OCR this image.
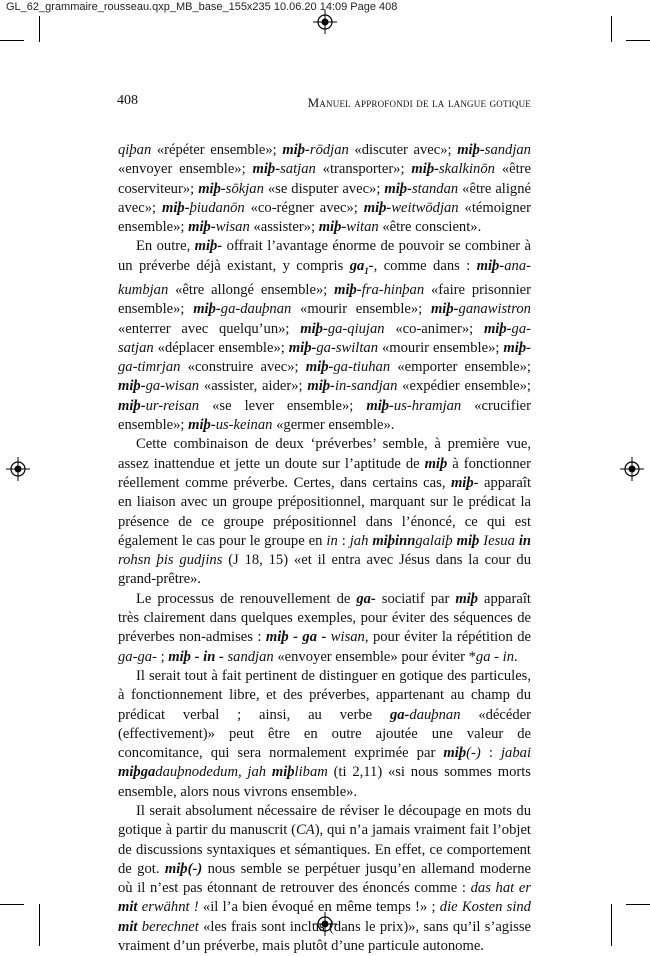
GL_62_grammaire_rousseau.qxp_MB_base_155x235 10.06.20 14:09 Page 408
408	Manuel approfondi de la langue gotique

qiþan «répéter ensemble»; miþ-rōdjan «discuter avec»; miþ-sandjan «envoyer ensemble»; miþ-satjan «transporter»; miþ-skalkinōn «être coserviteur»; miþ-sōkjan «se disputer avec»; miþ-standan «être aligné avec»; miþ-þiudanōn «co-régner avec»; miþ-weitwōdjan «témoigner ensemble»; miþ-wisan «assister»; miþ-witan «être conscient».

En outre, miþ- offrait l’avantage énorme de pouvoir se combiner à un préverbe déjà existant, y compris $ga_1-$, comme dans : miþ-ana-kumbjan «être allongé ensemble»; miþ-fra-hinþan «faire prisonnier ensemble»; miþ-ga-dauþnan «mourir ensemble»; miþ-ganawistron «enterrer avec quelqu’un»; miþ-ga-qiujan «co-animer»; miþ-ga-satjan «déplacer ensemble»; miþ-ga-swiltan «mourir ensemble»; miþ-ga-timrjan «construire avec»; miþ-ga-tiuhan «emporter ensemble»; miþ-ga-wisan «assister, aider»; miþ-in-sandjan «expédier ensemble»; miþ-ur-reisan «se lever ensemble»; miþ-us-hramjan «crucifier ensemble»; miþ-us-keinan «germer ensemble».

Cette combinaison de deux ‘préverbes’ semble, à première vue, assez inattendue et jette un doute sur l’aptitude de miþ à fonctionner réellement comme préverbe. Certes, dans certains cas, miþ- apparaît en liaison avec un groupe prépositionnel, marquant sur le prédicat la présence de ce groupe prépositionnel dans l’énoncé, ce qui est également le cas pour le groupe en in : jah miþinngalaiþ miþ Iesua in rohsn þis gudjins (J 18, 15) «et il entra avec Jésus dans la cour du grand-prêtre».

Le processus de renouvellement de ga- sociatif par miþ apparaît très clairement dans quelques exemples, pour éviter des séquences de préverbes non-admises : miþ - ga - wisan, pour éviter la répétition de ga-ga- ; miþ - in - sandjan «envoyer ensemble» pour éviter *ga - in.

Il serait tout à fait pertinent de distinguer en gotique des particules, à fonctionnement libre, et des préverbes, appartenant au champ du prédicat verbal ; ainsi, au verbe ga-dauþnan «décéder (effectivement)» peut être en outre ajoutée une valeur de concomitance, qui sera normalement exprimée par miþ(-) : jabai miþgadauþnodedum, jah miþlibam (ti 2,11) «si nous sommes morts ensemble, alors nous vivrons ensemble».

Il serait absolument nécessaire de réviser le découpage en mots du gotique à partir du manuscrit (CA), qui n’a jamais vraiment fait l’objet de discussions syntaxiques et sémantiques. En effet, ce comportement de got. miþ(-) nous semble se perpétuer jusqu’en allemand moderne où il n’est pas étonnant de retrouver des énoncés comme : das hat er mit erwähnt ! «il l’a bien évoqué en même temps !» ; die Kosten sind mit berechnet «les frais sont inclus (dans le prix)», sans qu’il s’agisse vraiment d’un préverbe, mais plutôt d’une particule autonome.
